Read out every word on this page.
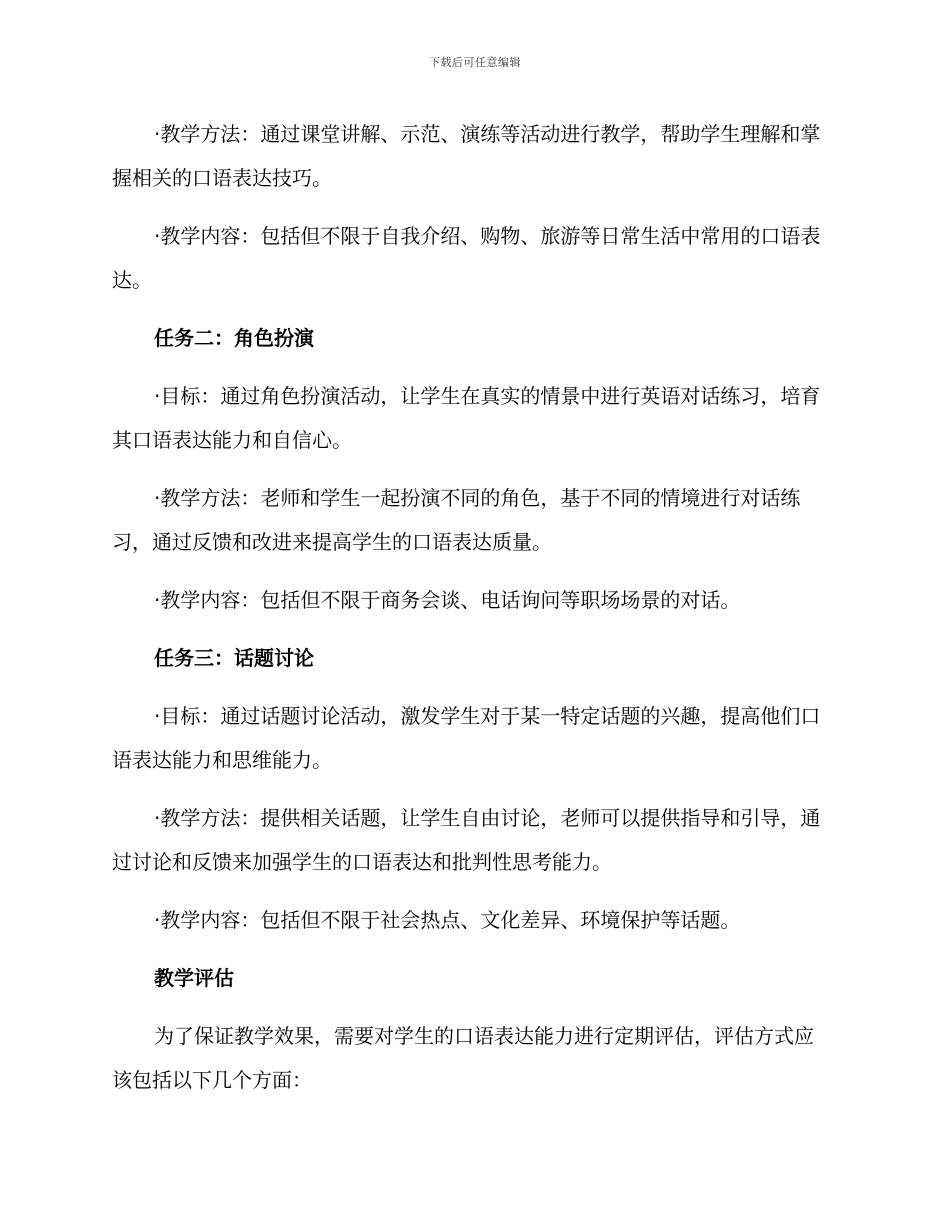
下载后可任意编辑

·教学方法：通过课堂讲解、示范、演练等活动进行教学，帮助学生理解和掌握相关的口语表达技巧。

·教学内容：包括但不限于自我介绍、购物、旅游等日常生活中常用的口语表达。

任务二：角色扮演

·目标：通过角色扮演活动，让学生在真实的情景中进行英语对话练习，培育其口语表达能力和自信心。

·教学方法：老师和学生一起扮演不同的角色，基于不同的情境进行对话练习，通过反馈和改进来提高学生的口语表达质量。

·教学内容：包括但不限于商务会谈、电话询问等职场场景的对话。

任务三：话题讨论

·目标：通过话题讨论活动，激发学生对于某一特定话题的兴趣，提高他们口语表达能力和思维能力。

·教学方法：提供相关话题，让学生自由讨论，老师可以提供指导和引导，通过讨论和反馈来加强学生的口语表达和批判性思考能力。

·教学内容：包括但不限于社会热点、文化差异、环境保护等话题。

教学评估

为了保证教学效果，需要对学生的口语表达能力进行定期评估，评估方式应该包括以下几个方面：
